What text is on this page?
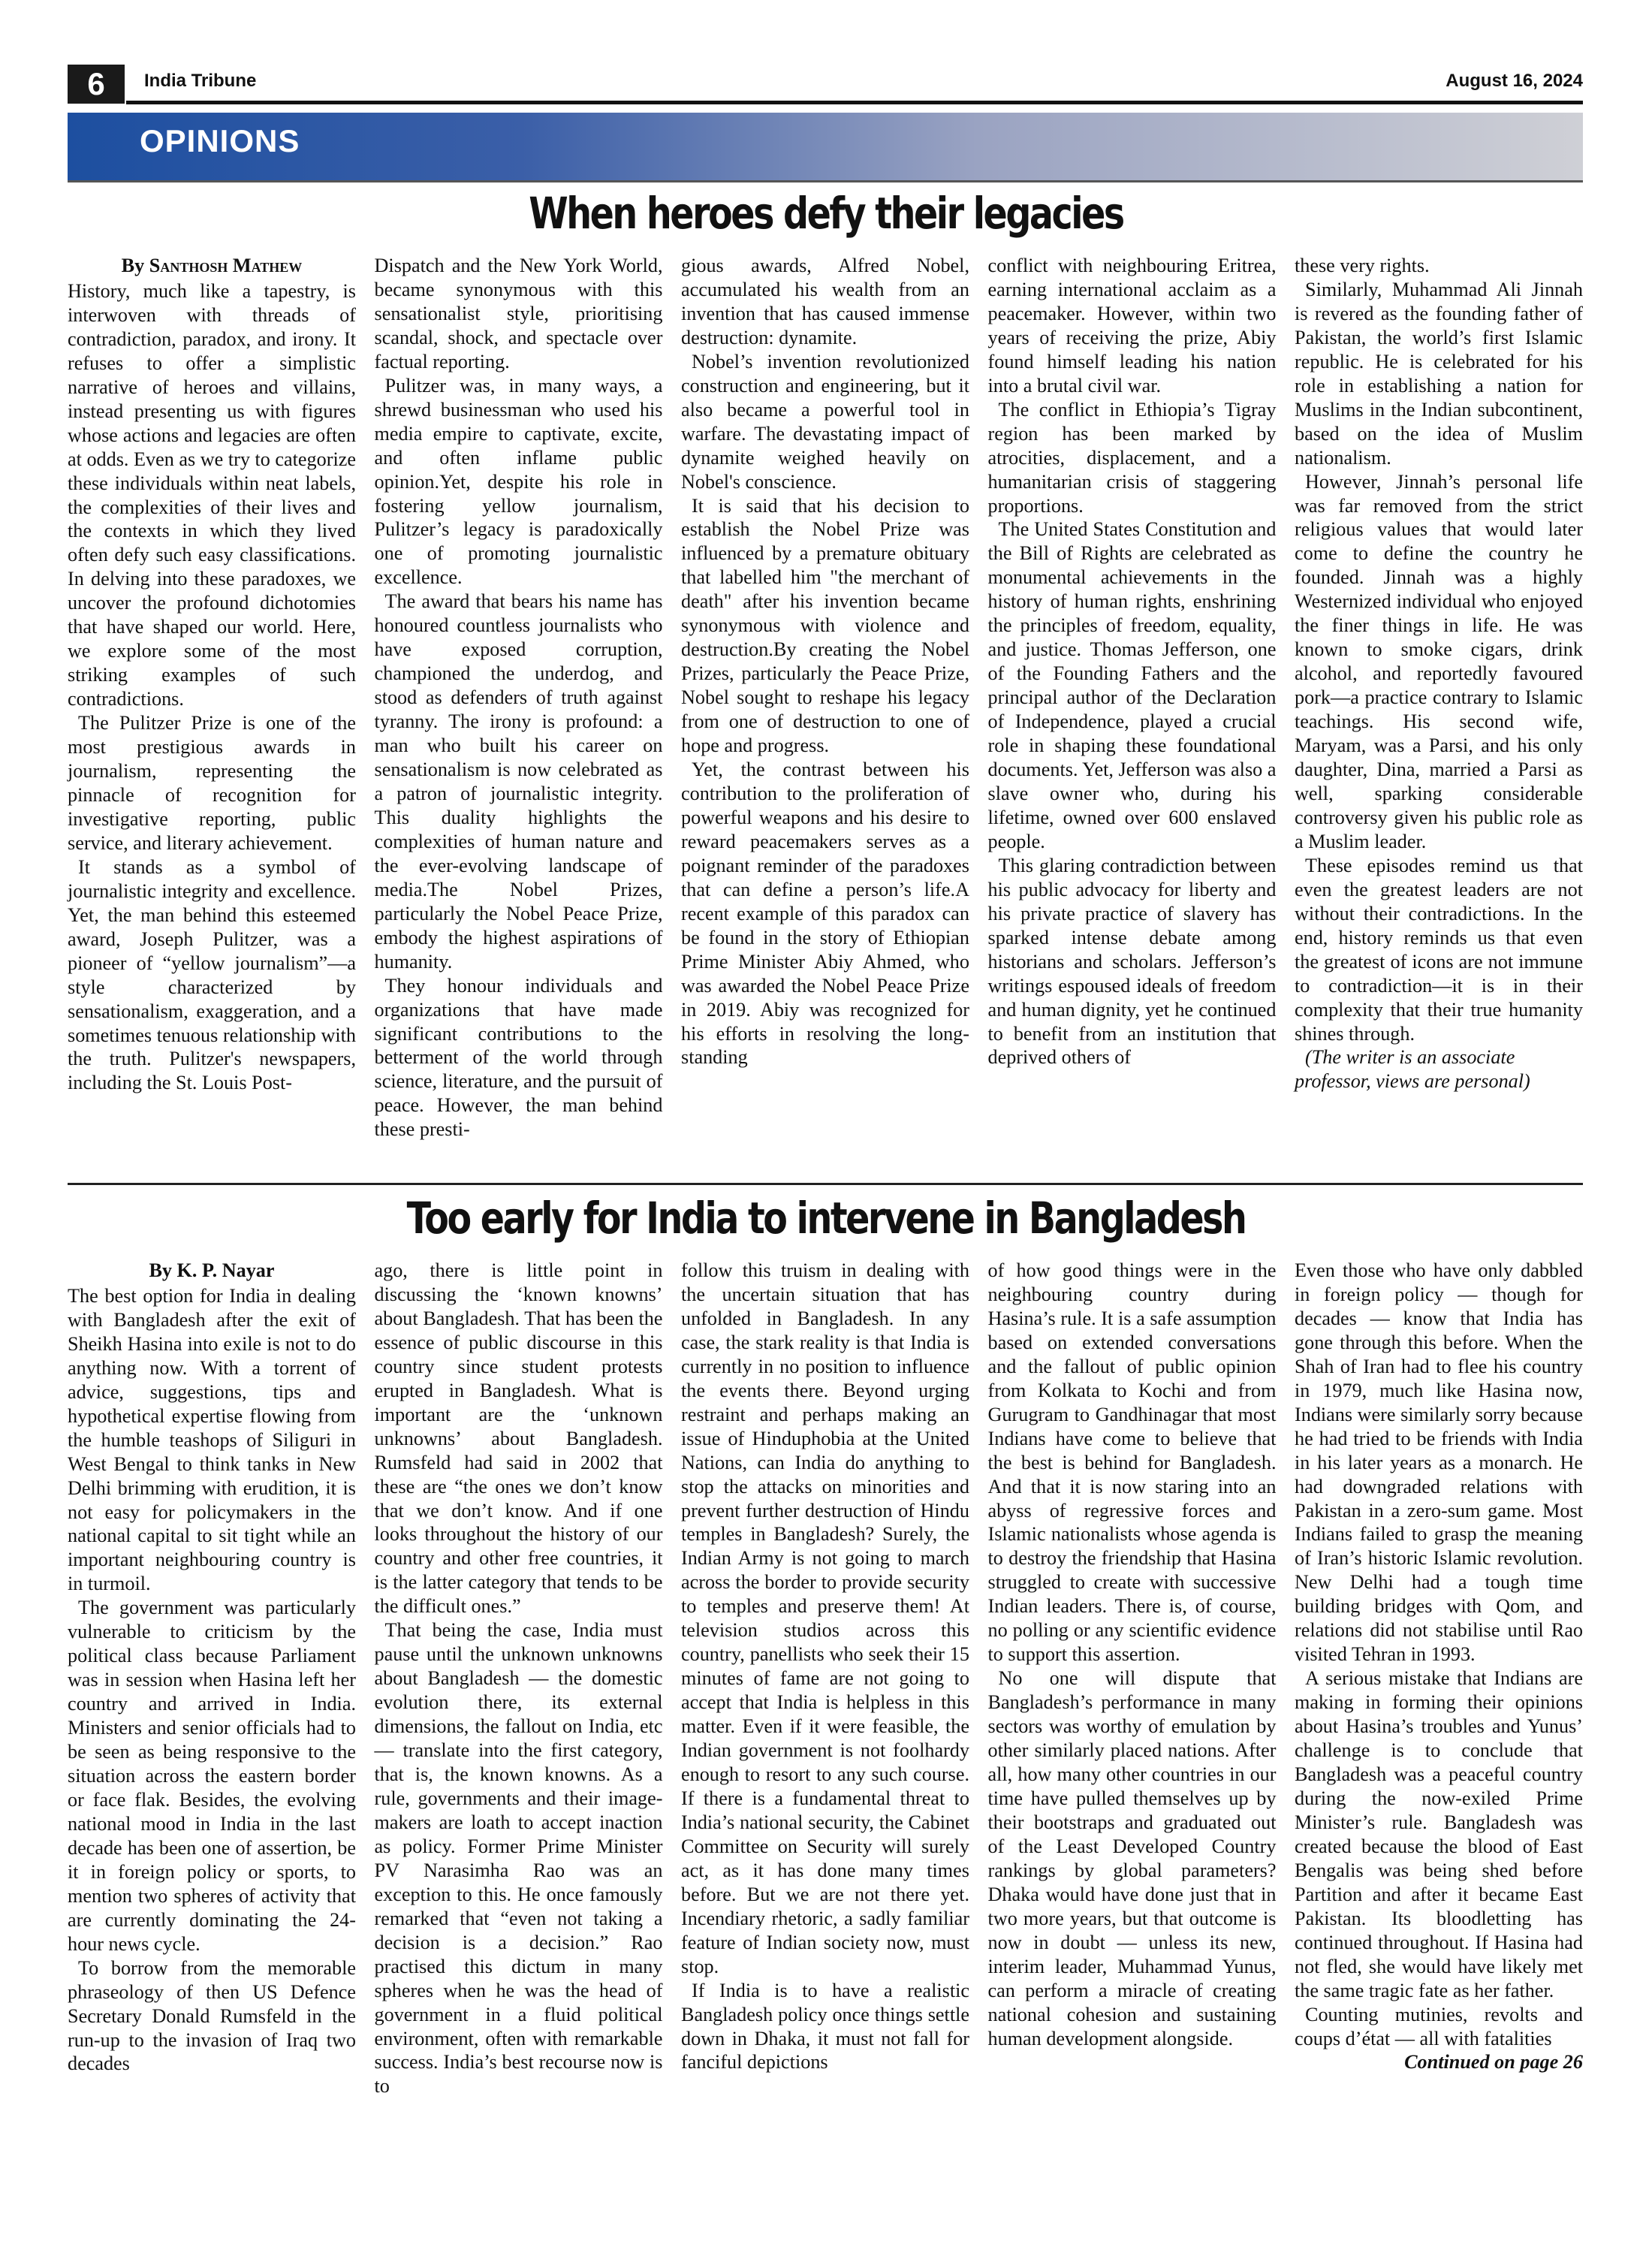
6	India Tribune	August 16, 2024
OPINIONS
When heroes defy their legacies
By Santhosh Mathew

History, much like a tapestry, is interwoven with threads of contradiction, paradox, and irony. It refuses to offer a simplistic narrative of heroes and villains, instead presenting us with figures whose actions and legacies are often at odds. Even as we try to categorize these individuals within neat labels, the complexities of their lives and the contexts in which they lived often defy such easy classifications. In delving into these paradoxes, we uncover the profound dichotomies that have shaped our world. Here, we explore some of the most striking examples of such contradictions.

The Pulitzer Prize is one of the most prestigious awards in journalism, representing the pinnacle of recognition for investigative reporting, public service, and literary achievement.

It stands as a symbol of journalistic integrity and excellence. Yet, the man behind this esteemed award, Joseph Pulitzer, was a pioneer of “yellow journalism”—a style characterized by sensationalism, exaggeration, and a sometimes tenuous relationship with the truth. Pulitzer's newspapers, including the St. Louis Post-

Dispatch and the New York World, became synonymous with this sensationalist style, prioritising scandal, shock, and spectacle over factual reporting.

Pulitzer was, in many ways, a shrewd businessman who used his media empire to captivate, excite, and often inflame public opinion.Yet, despite his role in fostering yellow journalism, Pulitzer’s legacy is paradoxically one of promoting journalistic excellence.

The award that bears his name has honoured countless journalists who have exposed corruption, championed the underdog, and stood as defenders of truth against tyranny. The irony is profound: a man who built his career on sensationalism is now celebrated as a patron of journalistic integrity. This duality highlights the complexities of human nature and the ever-evolving landscape of media.The Nobel Prizes, particularly the Nobel Peace Prize, embody the highest aspirations of humanity.

They honour individuals and organizations that have made significant contributions to the betterment of the world through science, literature, and the pursuit of peace. However, the man behind these presti-

gious awards, Alfred Nobel, accumulated his wealth from an invention that has caused immense destruction: dynamite.

Nobel’s invention revolutionized construction and engineering, but it also became a powerful tool in warfare. The devastating impact of dynamite weighed heavily on Nobel's conscience.

It is said that his decision to establish the Nobel Prize was influenced by a premature obituary that labelled him "the merchant of death" after his invention became synonymous with violence and destruction.By creating the Nobel Prizes, particularly the Peace Prize, Nobel sought to reshape his legacy from one of destruction to one of hope and progress.

Yet, the contrast between his contribution to the proliferation of powerful weapons and his desire to reward peacemakers serves as a poignant reminder of the paradoxes that can define a person’s life.A recent example of this paradox can be found in the story of Ethiopian Prime Minister Abiy Ahmed, who was awarded the Nobel Peace Prize in 2019. Abiy was recognized for his efforts in resolving the long-standing

conflict with neighbouring Eritrea, earning international acclaim as a peacemaker. However, within two years of receiving the prize, Abiy found himself leading his nation into a brutal civil war.

The conflict in Ethiopia’s Tigray region has been marked by atrocities, displacement, and a humanitarian crisis of staggering proportions.

The United States Constitution and the Bill of Rights are celebrated as monumental achievements in the history of human rights, enshrining the principles of freedom, equality, and justice. Thomas Jefferson, one of the Founding Fathers and the principal author of the Declaration of Independence, played a crucial role in shaping these foundational documents. Yet, Jefferson was also a slave owner who, during his lifetime, owned over 600 enslaved people.

This glaring contradiction between his public advocacy for liberty and his private practice of slavery has sparked intense debate among historians and scholars. Jefferson’s writings espoused ideals of freedom and human dignity, yet he continued to benefit from an institution that deprived others of

these very rights.

Similarly, Muhammad Ali Jinnah is revered as the founding father of Pakistan, the world’s first Islamic republic. He is celebrated for his role in establishing a nation for Muslims in the Indian subcontinent, based on the idea of Muslim nationalism.

However, Jinnah’s personal life was far removed from the strict religious values that would later come to define the country he founded. Jinnah was a highly Westernized individual who enjoyed the finer things in life. He was known to smoke cigars, drink alcohol, and reportedly favoured pork—a practice contrary to Islamic teachings. His second wife, Maryam, was a Parsi, and his only daughter, Dina, married a Parsi as well, sparking considerable controversy given his public role as a Muslim leader.

These episodes remind us that even the greatest leaders are not without their contradictions. In the end, history reminds us that even the greatest of icons are not immune to contradiction—it is in their complexity that their true humanity shines through.

(The writer is an associate professor, views are personal)

Too early for India to intervene in Bangladesh
By K. P. Nayar

The best option for India in dealing with Bangladesh after the exit of Sheikh Hasina into exile is not to do anything now. With a torrent of advice, suggestions, tips and hypothetical expertise flowing from the humble teashops of Siliguri in West Bengal to think tanks in New Delhi brimming with erudition, it is not easy for policymakers in the national capital to sit tight while an important neighbouring country is in turmoil.

The government was particularly vulnerable to criticism by the political class because Parliament was in session when Hasina left her country and arrived in India. Ministers and senior officials had to be seen as being responsive to the situation across the eastern border or face flak. Besides, the evolving national mood in India in the last decade has been one of assertion, be it in foreign policy or sports, to mention two spheres of activity that are currently dominating the 24-hour news cycle.

To borrow from the memorable phraseology of then US Defence Secretary Donald Rumsfeld in the run-up to the invasion of Iraq two decades

ago, there is little point in discussing the ‘known knowns’ about Bangladesh. That has been the essence of public discourse in this country since student protests erupted in Bangladesh. What is important are the ‘unknown unknowns’ about Bangladesh. Rumsfeld had said in 2002 that these are “the ones we don’t know that we don’t know. And if one looks throughout the history of our country and other free countries, it is the latter category that tends to be the difficult ones.”

That being the case, India must pause until the unknown unknowns about Bangladesh — the domestic evolution there, its external dimensions, the fallout on India, etc — translate into the first category, that is, the known knowns. As a rule, governments and their image-makers are loath to accept inaction as policy. Former Prime Minister PV Narasimha Rao was an exception to this. He once famously remarked that “even not taking a decision is a decision.” Rao practised this dictum in many spheres when he was the head of government in a fluid political environment, often with remarkable success. India’s best recourse now is to

follow this truism in dealing with the uncertain situation that has unfolded in Bangladesh. In any case, the stark reality is that India is currently in no position to influence the events there. Beyond urging restraint and perhaps making an issue of Hinduphobia at the United Nations, can India do anything to stop the attacks on minorities and prevent further destruction of Hindu temples in Bangladesh? Surely, the Indian Army is not going to march across the border to provide security to temples and preserve them! At television studios across this country, panellists who seek their 15 minutes of fame are not going to accept that India is helpless in this matter. Even if it were feasible, the Indian government is not foolhardy enough to resort to any such course. If there is a fundamental threat to India’s national security, the Cabinet Committee on Security will surely act, as it has done many times before. But we are not there yet. Incendiary rhetoric, a sadly familiar feature of Indian society now, must stop.

If India is to have a realistic Bangladesh policy once things settle down in Dhaka, it must not fall for fanciful depictions

of how good things were in the neighbouring country during Hasina’s rule. It is a safe assumption based on extended conversations and the fallout of public opinion from Kolkata to Kochi and from Gurugram to Gandhinagar that most Indians have come to believe that the best is behind for Bangladesh. And that it is now staring into an abyss of regressive forces and Islamic nationalists whose agenda is to destroy the friendship that Hasina struggled to create with successive Indian leaders. There is, of course, no polling or any scientific evidence to support this assertion.

No one will dispute that Bangladesh’s performance in many sectors was worthy of emulation by other similarly placed nations. After all, how many other countries in our time have pulled themselves up by their bootstraps and graduated out of the Least Developed Country rankings by global parameters? Dhaka would have done just that in two more years, but that outcome is now in doubt — unless its new, interim leader, Muhammad Yunus, can perform a miracle of creating national cohesion and sustaining human development alongside.

Even those who have only dabbled in foreign policy — though for decades — know that India has gone through this before. When the Shah of Iran had to flee his country in 1979, much like Hasina now, Indians were similarly sorry because he had tried to be friends with India in his later years as a monarch. He had downgraded relations with Pakistan in a zero-sum game. Most Indians failed to grasp the meaning of Iran’s historic Islamic revolution. New Delhi had a tough time building bridges with Qom, and relations did not stabilise until Rao visited Tehran in 1993.

A serious mistake that Indians are making in forming their opinions about Hasina’s troubles and Yunus’ challenge is to conclude that Bangladesh was a peaceful country during the now-exiled Prime Minister’s rule. Bangladesh was created because the blood of East Bengalis was being shed before Partition and after it became East Pakistan. Its bloodletting has continued throughout. If Hasina had not fled, she would have likely met the same tragic fate as her father.

Counting mutinies, revolts and coups d’état — all with fatalities

Continued on page 26
